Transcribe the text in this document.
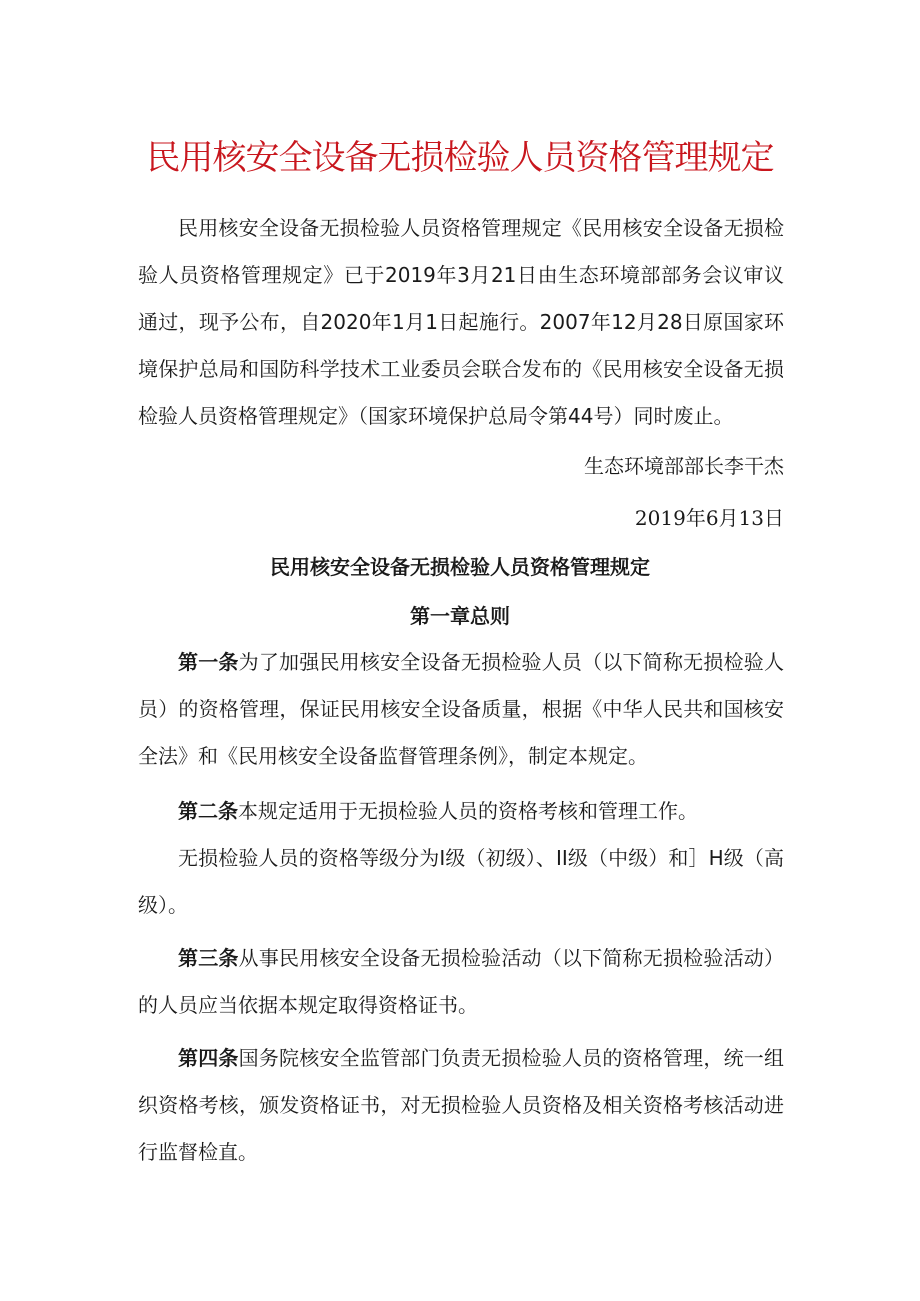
民用核安全设备无损检验人员资格管理规定

民用核安全设备无损检验人员资格管理规定《民用核安全设备无损检验人员资格管理规定》已于2019年3月21日由生态环境部部务会议审议通过，现予公布，自2020年1月1日起施行。2007年12月28日原国家环境保护总局和国防科学技术工业委员会联合发布的《民用核安全设备无损检验人员资格管理规定》（国家环境保护总局令第44号）同时废止。

生态环境部部长李干杰

2019年6月13日

民用核安全设备无损检验人员资格管理规定

第一章总则

第一条为了加强民用核安全设备无损检验人员（以下简称无损检验人员）的资格管理，保证民用核安全设备质量，根据《中华人民共和国核安全法》和《民用核安全设备监督管理条例》，制定本规定。

第二条本规定适用于无损检验人员的资格考核和管理工作。

无损检验人员的资格等级分为I级（初级）、II级（中级）和］H级（高级）。

第三条从事民用核安全设备无损检验活动（以下简称无损检验活动）的人员应当依据本规定取得资格证书。

第四条国务院核安全监管部门负责无损检验人员的资格管理，统一组织资格考核，颁发资格证书，对无损检验人员资格及相关资格考核活动进行监督检直。
